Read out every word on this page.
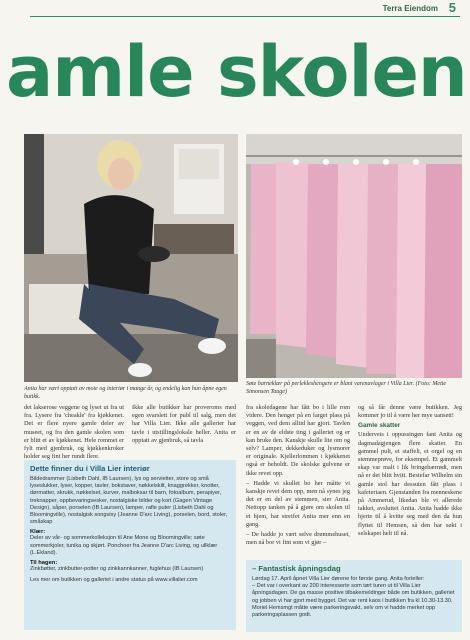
Terra Eiendom 5
amle skolen
Anita har vært opptatt av mote og interiør i mange år, og endelig kan hun åpne egen butikk.
Søte barneklær på perlekleshengere er blant varenavlager i Villa Lier. (Foto: Mette Simonsen Tauge)

det lakserose veggene og lyset ut fra ut fra. Lysere fra 'cheakle' fra kjøkkenet. Det er flere nyere gamle deler av museet, og fra den gamle skolen som er blitt et av kjøkkenet. Hele rommet er fylt med gjenbruk, og kjøkkenkroker holder seg fint her rundt flere.

Ikke alle butikker har proveroms med egen svarslett for publ til salg, men det har Villa Lier. Ikke alle gallerier har tavle i utstillingslokale heller. Anita er opptatt av gjenbruk, så tavla

fra skoledagene har fått bo i lille rom videre. Den henger på en farget plass på veggen, ved dem alltid har gjort. Tavlen er en av de eldste ting i galleriet og er kan bruke den. Kanskje skulle lite om og selv? Lamper, dekkeduker og lysmorer er originale. Kjellerlommen i kjøkkenet også er beholdt. De skolske gulvene er ikke revet opp.

– Hadde vi skullet bo her måtte vi kanskje revet dem opp, men nå synes jeg det er en del av stemmen, sier Anita. Nettopp tanken på å gjøre om skolen til et hjem, har streifet Anita mer enn en gang.

– De hadde jo vært selve drømmehuset, men nå bor vi fint som vi gjør –

og så får denne være butikken. Jeg kommer jo til å være her mye uansett!

Gamle skatter

Underveis i oppussingen fant Anita og dagmadagjengen flere skatter. En gammel pult, et staffeli, et orgel og en stemmeprøve, for eksempel. Et gammelt skap var malt i lik bringebærrødt, men nå er det blitt hvitt. Bestefar Wilhelm sin gamle stol har dessuten fått plass i kafeteriaen. Gjenstanden fra menneskene på Ammerud, likedan ble vi allerede takket, avsluttet Anita. Anita hadde ikke hjerte til å kvitte seg med den da hun flyttet til Hemsen, så den har søkt i selskapet helt til nå.

Dette finner du i Villa Lier interiør
Bildedrammer (Lisbeth Dahl, IB Laursen), lys og servietter, store og små lyseslukker, lyser, kopper, tavler, bokstaver, nøkkelskilt, knaggrekker, knotter, dørmatter, skrukk, nøkkelset, kurver, malboksar til barn, fotoalbum, perapiyer, treknapper, oppbevaringsesker, nostalgiske bilder og kort (Gagen Vintage Design), såper, porselen (IB Laursen), lamper, rafle puter (Lisbeth Dahl og Bloomingville), nostalgisk songvisy (Jeanne D'arc Living), porselen, bord, stoler, småskap
Klær:
Deler av vår- og sommerkolleksjon til Ane Mone og Bloomingville; søte sommerkjoler, tunika og skjørt. Ponchoer fra Jeanne D'arc Living, og ullklær (L.Ekland).
Til hagen:
Zinkbøtter, zinkbutter-potter og zinkkannkanner, fuglehus (IB Laursen)
Les mer om butikken og galleriet i andre status på www.villalier.com
– Fantastisk åpningsdag
Lørdag 17. April åpnet Villa Lier dørene for første gang. Anita forteller:
– Det var i overkant av 200 interesserte som tørt turen ut til Villa Lier åpningsdagen. De ga masse positive tilbakemeldinger både om butikken, galleriet og jobben vi har gjort med bygget. Det var rent kaos i butikken fra kl 10.30-13.30. Moriel Hemsmgt måtte være parkeringsvakt, selv om vi hadde merket opp parkeringsplassen godt.
